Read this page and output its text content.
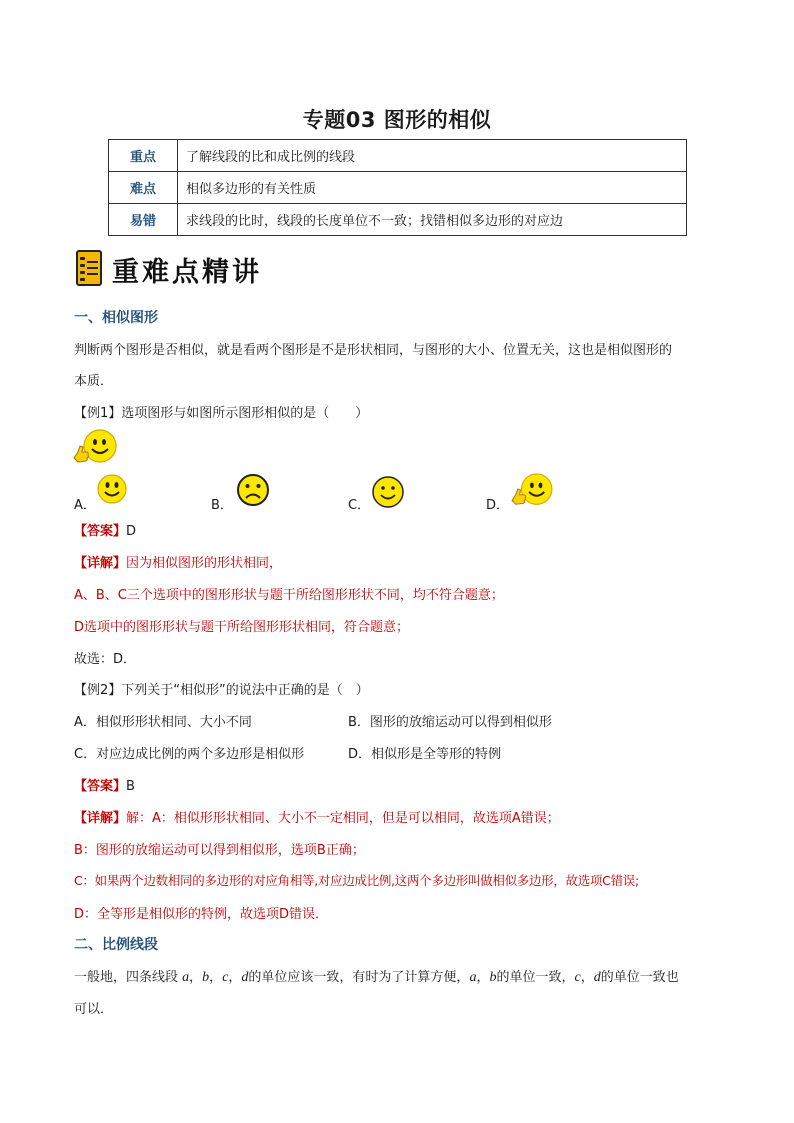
专题03 图形的相似
重点	了解线段的比和成比例的线段
难点	相似多边形的有关性质
易错	求线段的比时，线段的长度单位不一致；找错相似多边形的对应边
重难点精讲
一、相似图形
判断两个图形是否相似，就是看两个图形是不是形状相同，与图形的大小、位置无关，这也是相似图形的
本质．
【例1】选项图形与如图所示图形相似的是（　　）
A．	B．	C．	D．
【答案】D
【详解】因为相似图形的形状相同，
A、B、C三个选项中的图形形状与题干所给图形形状不同，均不符合题意；
D选项中的图形形状与题干所给图形形状相同，符合题意；
故选：D．
【例2】下列关于“相似形”的说法中正确的是（　）
A．相似形形状相同、大小不同	B．图形的放缩运动可以得到相似形
C．对应边成比例的两个多边形是相似形	D．相似形是全等形的特例
【答案】B
【详解】解：A：相似形形状相同、大小不一定相同，但是可以相同，故选项A错误；
B：图形的放缩运动可以得到相似形，选项B正确；
C：如果两个边数相同的多边形的对应角相等,对应边成比例,这两个多边形叫做相似多边形，故选项C错误;
D：全等形是相似形的特例，故选项D错误．
二、比例线段
一般地，四条线段 a，b，c，d的单位应该一致，有时为了计算方便，a，b的单位一致，c，d的单位一致也
可以．
